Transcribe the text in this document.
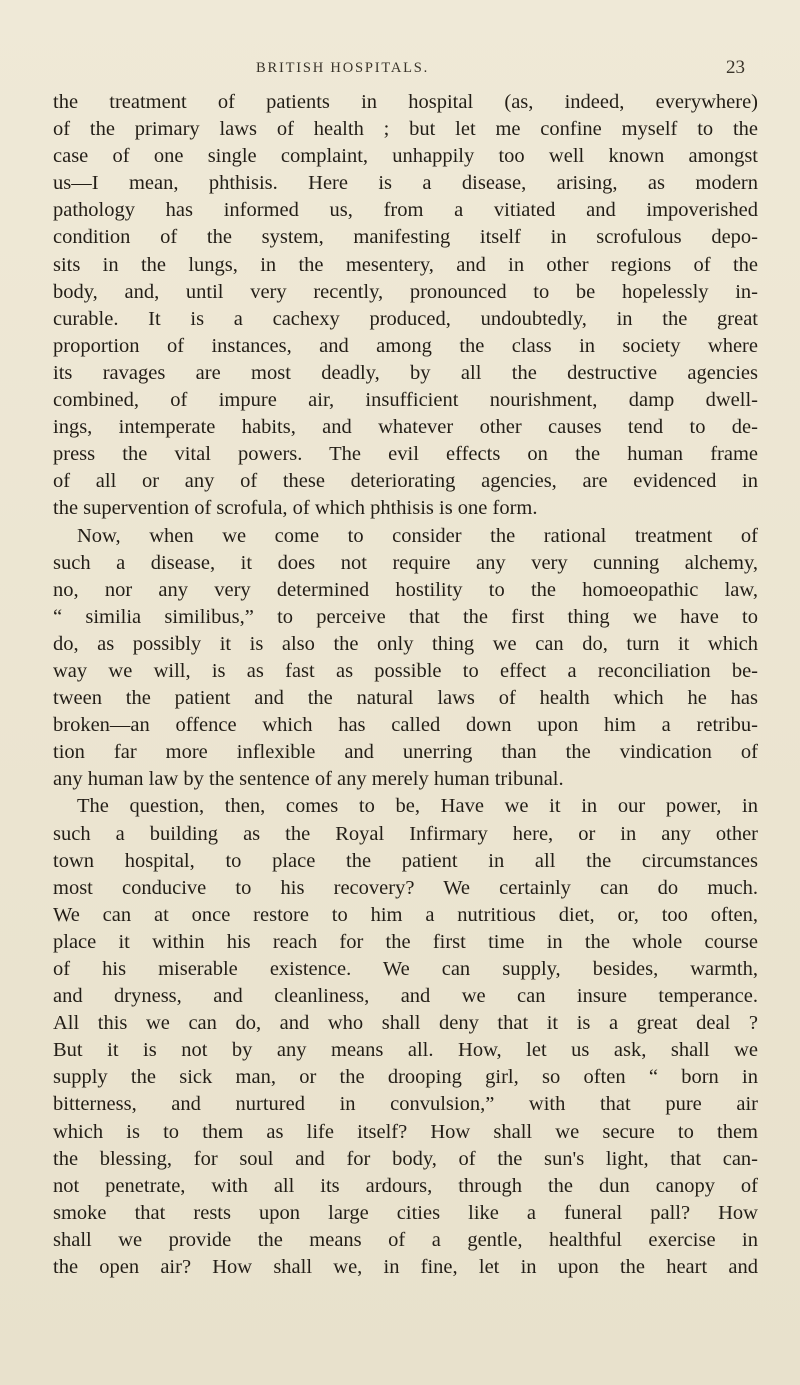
BRITISH HOSPITALS.	23
the treatment of patients in hospital (as, indeed, everywhere)
of the primary laws of health ; but let me confine myself to the
case of one single complaint, unhappily too well known amongst
us—I mean, phthisis. Here is a disease, arising, as modern
pathology has informed us, from a vitiated and impoverished
condition of the system, manifesting itself in scrofulous depo-
sits in the lungs, in the mesentery, and in other regions of the
body, and, until very recently, pronounced to be hopelessly in-
curable. It is a cachexy produced, undoubtedly, in the great
proportion of instances, and among the class in society where
its ravages are most deadly, by all the destructive agencies
combined, of impure air, insufficient nourishment, damp dwell-
ings, intemperate habits, and whatever other causes tend to de-
press the vital powers. The evil effects on the human frame
of all or any of these deteriorating agencies, are evidenced in
the supervention of scrofula, of which phthisis is one form.
Now, when we come to consider the rational treatment of
such a disease, it does not require any very cunning alchemy,
no, nor any very determined hostility to the homoeopathic law,
“ similia similibus,” to perceive that the first thing we have to
do, as possibly it is also the only thing we can do, turn it which
way we will, is as fast as possible to effect a reconciliation be-
tween the patient and the natural laws of health which he has
broken—an offence which has called down upon him a retribu-
tion far more inflexible and unerring than the vindication of
any human law by the sentence of any merely human tribunal.
The question, then, comes to be, Have we it in our power, in
such a building as the Royal Infirmary here, or in any other
town hospital, to place the patient in all the circumstances
most conducive to his recovery? We certainly can do much.
We can at once restore to him a nutritious diet, or, too often,
place it within his reach for the first time in the whole course
of his miserable existence. We can supply, besides, warmth,
and dryness, and cleanliness, and we can insure temperance.
All this we can do, and who shall deny that it is a great deal ?
But it is not by any means all. How, let us ask, shall we
supply the sick man, or the drooping girl, so often “ born in
bitterness, and nurtured in convulsion,” with that pure air
which is to them as life itself? How shall we secure to them
the blessing, for soul and for body, of the sun's light, that can-
not penetrate, with all its ardours, through the dun canopy of
smoke that rests upon large cities like a funeral pall? How
shall we provide the means of a gentle, healthful exercise in
the open air? How shall we, in fine, let in upon the heart and
